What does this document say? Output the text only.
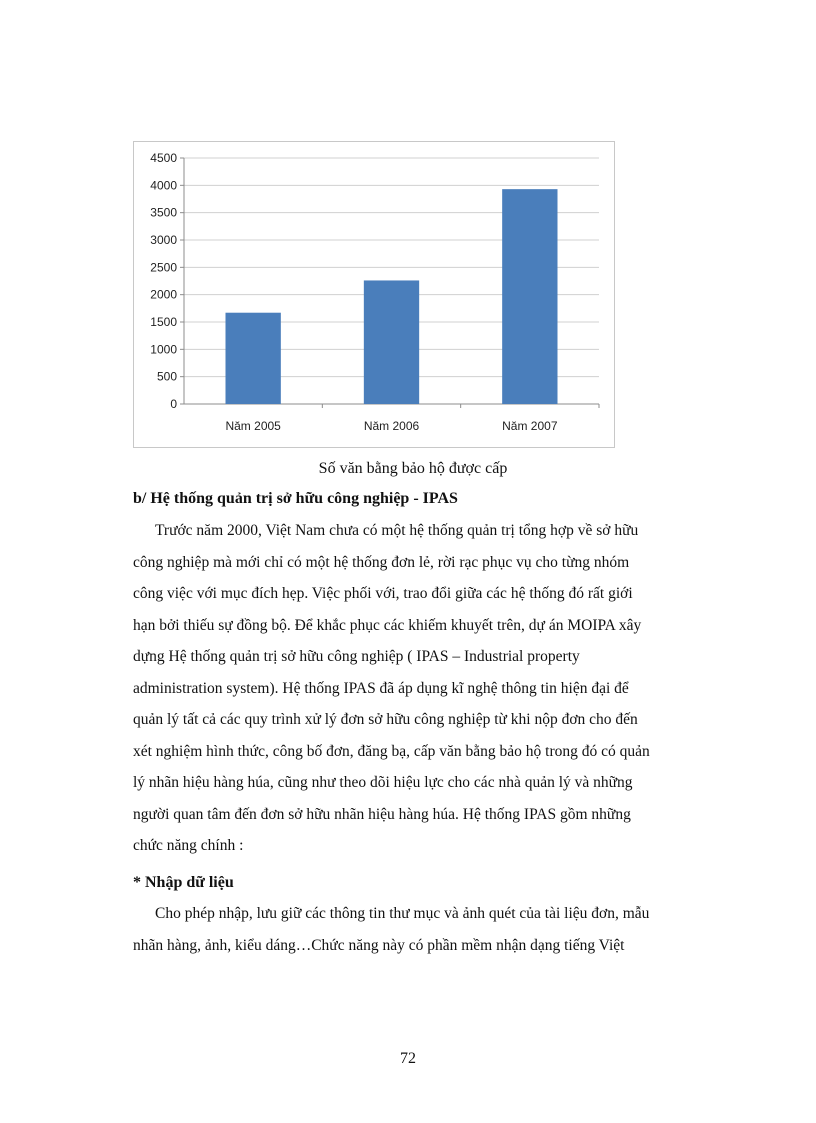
0
500
1000
1500
2000
2500
3000
3500
4000
4500
Năm 2005	Năm 2006	Năm 2007
Số văn bằng bảo hộ được cấp
b/ Hệ thống quản trị sở hữu công nghiệp - IPAS

Trước năm 2000, Việt Nam chưa có một hệ thống quản trị tổng hợp về sở hữu
công nghiệp mà mới chỉ có một hệ thống đơn lẻ, rời rạc phục vụ cho từng nhóm
công việc với mục đích hẹp. Việc phối với, trao đổi giữa các hệ thống đó rất giới
hạn bởi thiếu sự đồng bộ. Để khắc phục các khiếm khuyết trên, dự án MOIPA xây
dựng Hệ thống quản trị sở hữu công nghiệp ( IPAS – Industrial property
administration system). Hệ thống IPAS đã áp dụng kĩ nghệ thông tin hiện đại để
quản lý tất cả các quy trình xử lý đơn sở hữu công nghiệp từ khi nộp đơn cho đến
xét nghiệm hình thức, công bố đơn, đăng bạ, cấp văn bằng bảo hộ trong đó có quản
lý nhãn hiệu hàng húa, cũng như theo dõi hiệu lực cho các nhà quản lý và những
người quan tâm đến đơn sở hữu nhãn hiệu hàng húa. Hệ thống IPAS gồm những
chức năng chính :

* Nhập dữ liệu

Cho phép nhập, lưu giữ các thông tin thư mục và ảnh quét của tài liệu đơn, mẫu
nhãn hàng, ảnh, kiểu dáng…Chức năng này có phần mềm nhận dạng tiếng Việt

72
